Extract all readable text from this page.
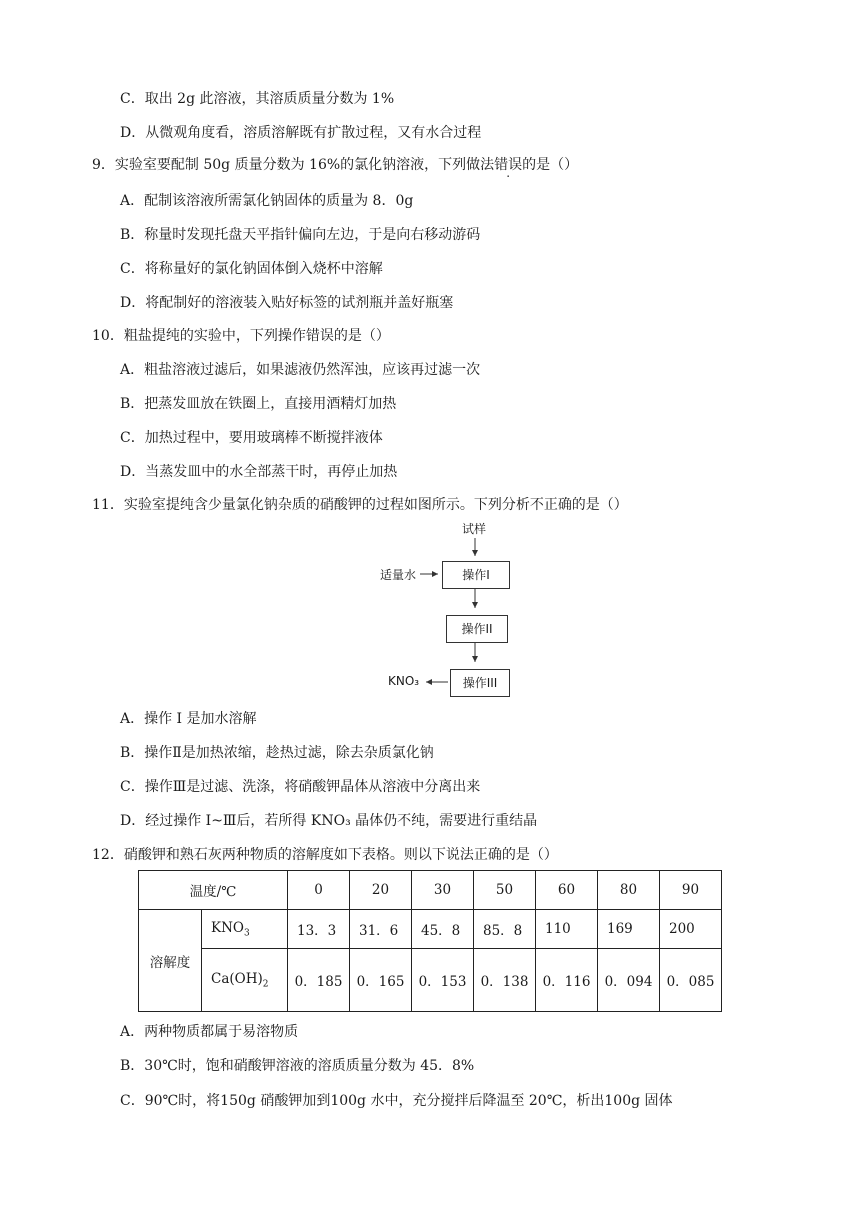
C．取出 2g 此溶液，其溶质质量分数为 1%
D．从微观角度看，溶质溶解既有扩散过程，又有水合过程
9．实验室要配制 50g 质量分数为 16%的氯化钠溶液，下列做法错误的是（）
A．配制该溶液所需氯化钠固体的质量为 8．0g
B．称量时发现托盘天平指针偏向左边，于是向右移动游码
C．将称量好的氯化钠固体倒入烧杯中溶解
D．将配制好的溶液装入贴好标签的试剂瓶并盖好瓶塞
10．粗盐提纯的实验中，下列操作错误的是（）
A．粗盐溶液过滤后，如果滤液仍然浑浊，应该再过滤一次
B．把蒸发皿放在铁圈上，直接用酒精灯加热
C．加热过程中，要用玻璃棒不断搅拌液体
D．当蒸发皿中的水全部蒸干时，再停止加热
11．实验室提纯含少量氯化钠杂质的硝酸钾的过程如图所示。下列分析不正确的是（）
试样
适量水	操作I
操作II
操作III
KNO₃
A．操作 I 是加水溶解
B．操作Ⅱ是加热浓缩，趁热过滤，除去杂质氯化钠
C．操作Ⅲ是过滤、洗涤，将硝酸钾晶体从溶液中分离出来
D．经过操作 I~Ⅲ后，若所得 KNO₃ 晶体仍不纯，需要进行重结晶
12．硝酸钾和熟石灰两种物质的溶解度如下表格。则以下说法正确的是（）
温度/℃		0	20	30	50	60	80	90
溶解度	$KNO_3$	13．3	31．6	45．8	85．8	110	169	200
	$Ca(OH)_2$	0．185	0．165	0．153	0．138	0．116	0．094	0．085
A．两种物质都属于易溶物质
B．30℃时，饱和硝酸钾溶液的溶质质量分数为 45．8%
C．90℃时，将150g 硝酸钾加到100g 水中，充分搅拌后降温至 20℃，析出100g 固体
